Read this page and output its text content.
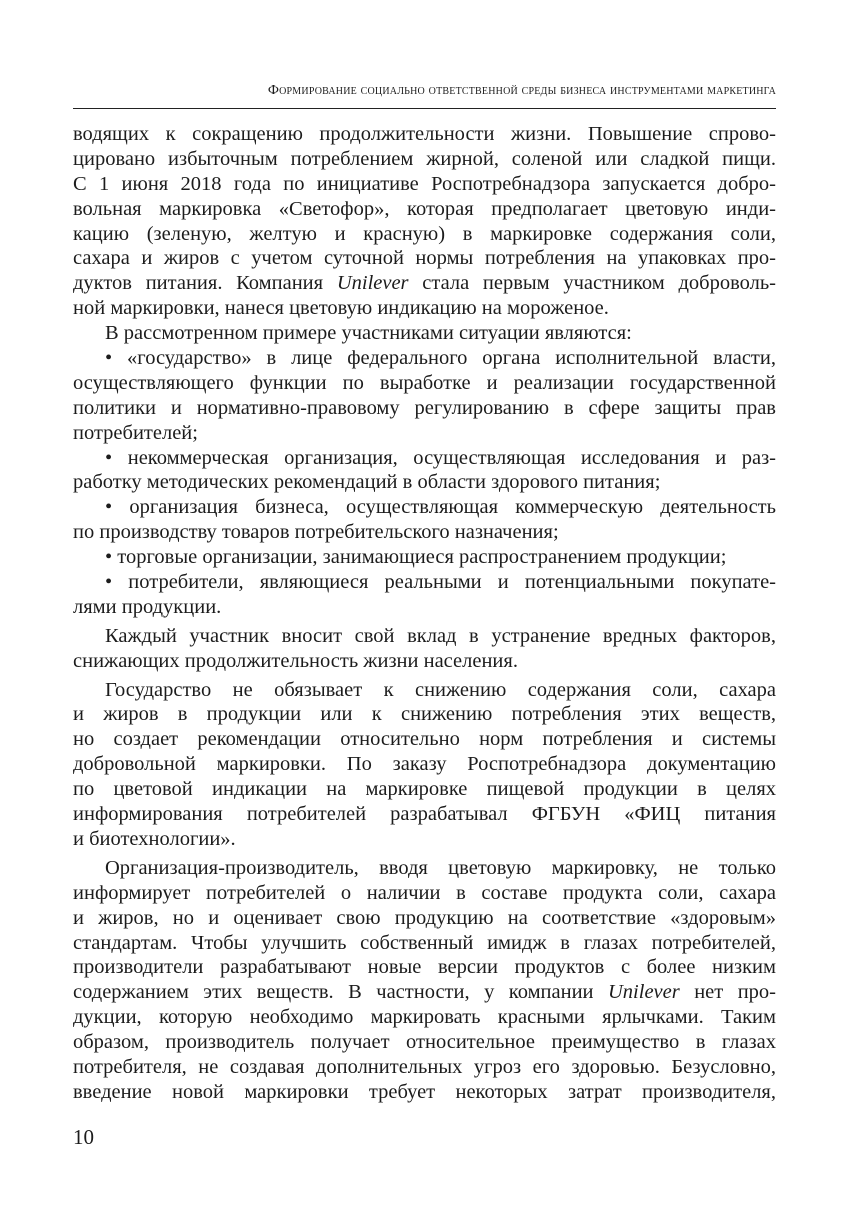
Формирование социально ответственной среды бизнеса инструментами маркетинга
водящих к сокращению продолжительности жизни. Повышение спрово-
цировано избыточным потреблением жирной, соленой или сладкой пищи.
С 1 июня 2018 года по инициативе Роспотребнадзора запускается добро-
вольная маркировка «Светофор», которая предполагает цветовую инди-
кацию (зеленую, желтую и красную) в маркировке содержания соли,
сахара и жиров с учетом суточной нормы потребления на упаковках про-
дуктов питания. Компания Unilever стала первым участником доброволь-
ной маркировки, нанеся цветовую индикацию на мороженое.
В рассмотренном примере участниками ситуации являются:
• «государство» в лице федерального органа исполнительной власти,
осуществляющего функции по выработке и реализации государственной
политики и нормативно-правовому регулированию в сфере защиты прав
потребителей;
• некоммерческая организация, осуществляющая исследования и раз-
работку методических рекомендаций в области здорового питания;
• организация бизнеса, осуществляющая коммерческую деятельность
по производству товаров потребительского назначения;
• торговые организации, занимающиеся распространением продукции;
• потребители, являющиеся реальными и потенциальными покупате-
лями продукции.
Каждый участник вносит свой вклад в устранение вредных факторов,
снижающих продолжительность жизни населения.
Государство не обязывает к снижению содержания соли, сахара
и жиров в продукции или к снижению потребления этих веществ,
но создает рекомендации относительно норм потребления и системы
добровольной маркировки. По заказу Роспотребнадзора документацию
по цветовой индикации на маркировке пищевой продукции в целях
информирования потребителей разрабатывал ФГБУН «ФИЦ питания
и биотехнологии».
Организация-производитель, вводя цветовую маркировку, не только
информирует потребителей о наличии в составе продукта соли, сахара
и жиров, но и оценивает свою продукцию на соответствие «здоровым»
стандартам. Чтобы улучшить собственный имидж в глазах потребителей,
производители разрабатывают новые версии продуктов с более низким
содержанием этих веществ. В частности, у компании Unilever нет про-
дукции, которую необходимо маркировать красными ярлычками. Таким
образом, производитель получает относительное преимущество в глазах
потребителя, не создавая дополнительных угроз его здоровью. Безусловно,
введение новой маркировки требует некоторых затрат производителя,
10
